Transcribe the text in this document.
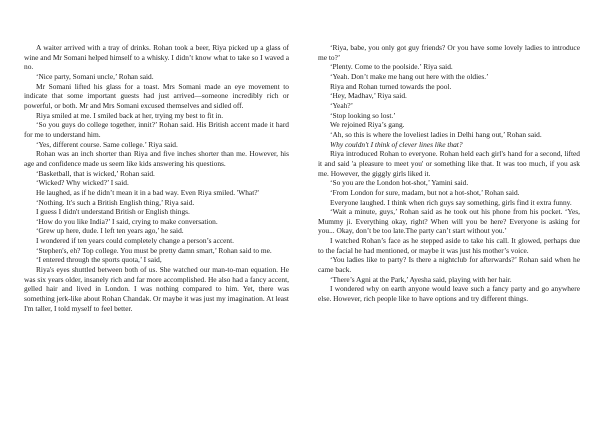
A waiter arrived with a tray of drinks. Rohan took a beer, Riya picked up a glass of wine and Mr Somani helped himself to a whisky. I didn’t know what to take so I waved a no.

‘Nice party, Somani uncle,’ Rohan said.

Mr Somani lifted his glass for a toast. Mrs Somani made an eye movement to indicate that some important guests had just arrived—someone incredibly rich or powerful, or both. Mr and Mrs Somani excused themselves and sidled off.

Riya smiled at me. I smiled back at her, trying my best to fit in.

‘So you guys do college together, innit?’ Rohan said. His British accent made it hard for me to understand him.

‘Yes, different course. Same college.’ Riya said.

Rohan was an inch shorter than Riya and five inches shorter than me. However, his age and confidence made us seem like kids answering his questions.

‘Basketball, that is wicked,’ Rohan said.

‘Wicked? Why wicked?’ I said.

He laughed, as if he didn’t mean it in a bad way. Even Riya smiled. 'What?'

‘Nothing. It's such a British English thing,’ Riya said.

I guess I didn't understand British or English things.

‘How do you like India?’ I said, crying to make conversation.

‘Grew up here, dude. I left ten years ago,’ he said.

I wondered if ten years could completely change a person’s accent.

‘Stephen's, eh? Top college. You must be pretty damn smart,’ Rohan said to me.

‘I entered through the sports quota,’ I said,

Riya's eyes shuttled between both of us. She watched our man-to-man equation. He was six years older, insanely rich and far more accomplished. He also had a fancy accent, gelled hair and lived in London. I was nothing compared to him. Yet, there was something jerk-like about Rohan Chandak. Or maybe it was just my imagination. At least I'm taller, I told myself to feel better.

‘Riya, babe, you only got guy friends? Or you have some lovely ladies to introduce me to?’

‘Plenty. Come to the poolside.’ Riya said.

‘Yeah. Don’t make me hang out here with the oldies.’

Riya and Rohan turned towards the pool.

‘Hey, Madhav,’ Riya said.

‘Yeah?’

‘Stop looking so lost.’

We rejoined Riya’s gang.

‘Ah, so this is where the loveliest ladies in Delhi hang out,’ Rohan said.

Why couldn't I think of clever lines like that?

Riya introduced Rohan to everyone. Rohan held each girl's hand for a second, lifted it and said 'a pleasure to meet you' or something like that. It was too much, if you ask me. However, the giggly girls liked it.

‘So you are the London hot-shot,’ Yamini said.

‘From London for sure, madam, but not a hot-shot,’ Rohan said.

Everyone laughed. I think when rich guys say something, girls find it extra funny.

‘Wait a minute, guys,’ Rohan said as he took out his phone from his pocket. ‘Yes, Mummy ji. Everything okay, right? When will you be here? Everyone is asking for you... Okay, don’t be too late.The party can’t start without you.’

I watched Rohan’s face as he stepped aside to take his call. It glowed, perhaps due to the facial he had mentioned, or maybe it was just his mother’s voice.

‘You ladies like to party? Is there a nightclub for afterwards?’ Rohan said when he came back.

‘There’s Agni at the Park,’ Ayesha said, playing with her hair.

I wondered why on earth anyone would leave such a fancy party and go anywhere else. However, rich people like to have options and try different things.
